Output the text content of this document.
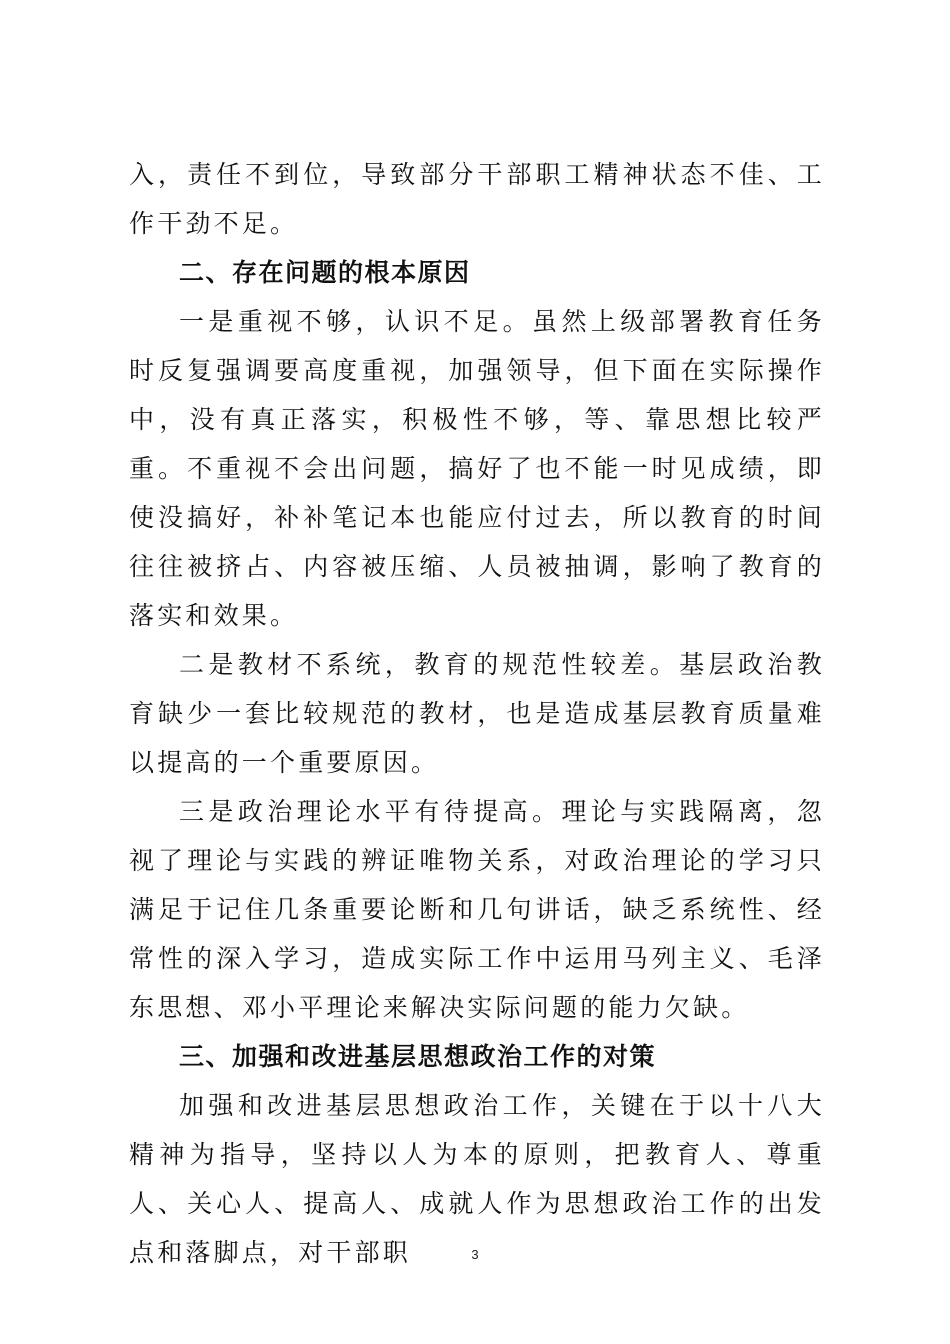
入，责任不到位，导致部分干部职工精神状态不佳、工作干劲不足。

二、存在问题的根本原因

一是重视不够，认识不足。虽然上级部署教育任务时反复强调要高度重视，加强领导，但下面在实际操作中，没有真正落实，积极性不够，等、靠思想比较严重。不重视不会出问题，搞好了也不能一时见成绩，即使没搞好，补补笔记本也能应付过去，所以教育的时间往往被挤占、内容被压缩、人员被抽调，影响了教育的落实和效果。

二是教材不系统，教育的规范性较差。基层政治教育缺少一套比较规范的教材，也是造成基层教育质量难以提高的一个重要原因。

三是政治理论水平有待提高。理论与实践隔离，忽视了理论与实践的辨证唯物关系，对政治理论的学习只满足于记住几条重要论断和几句讲话，缺乏系统性、经常性的深入学习，造成实际工作中运用马列主义、毛泽东思想、邓小平理论来解决实际问题的能力欠缺。

三、加强和改进基层思想政治工作的对策

加强和改进基层思想政治工作，关键在于以十八大精神为指导，坚持以人为本的原则，把教育人、尊重人、关心人、提高人、成就人作为思想政治工作的出发点和落脚点，对干部职	3
